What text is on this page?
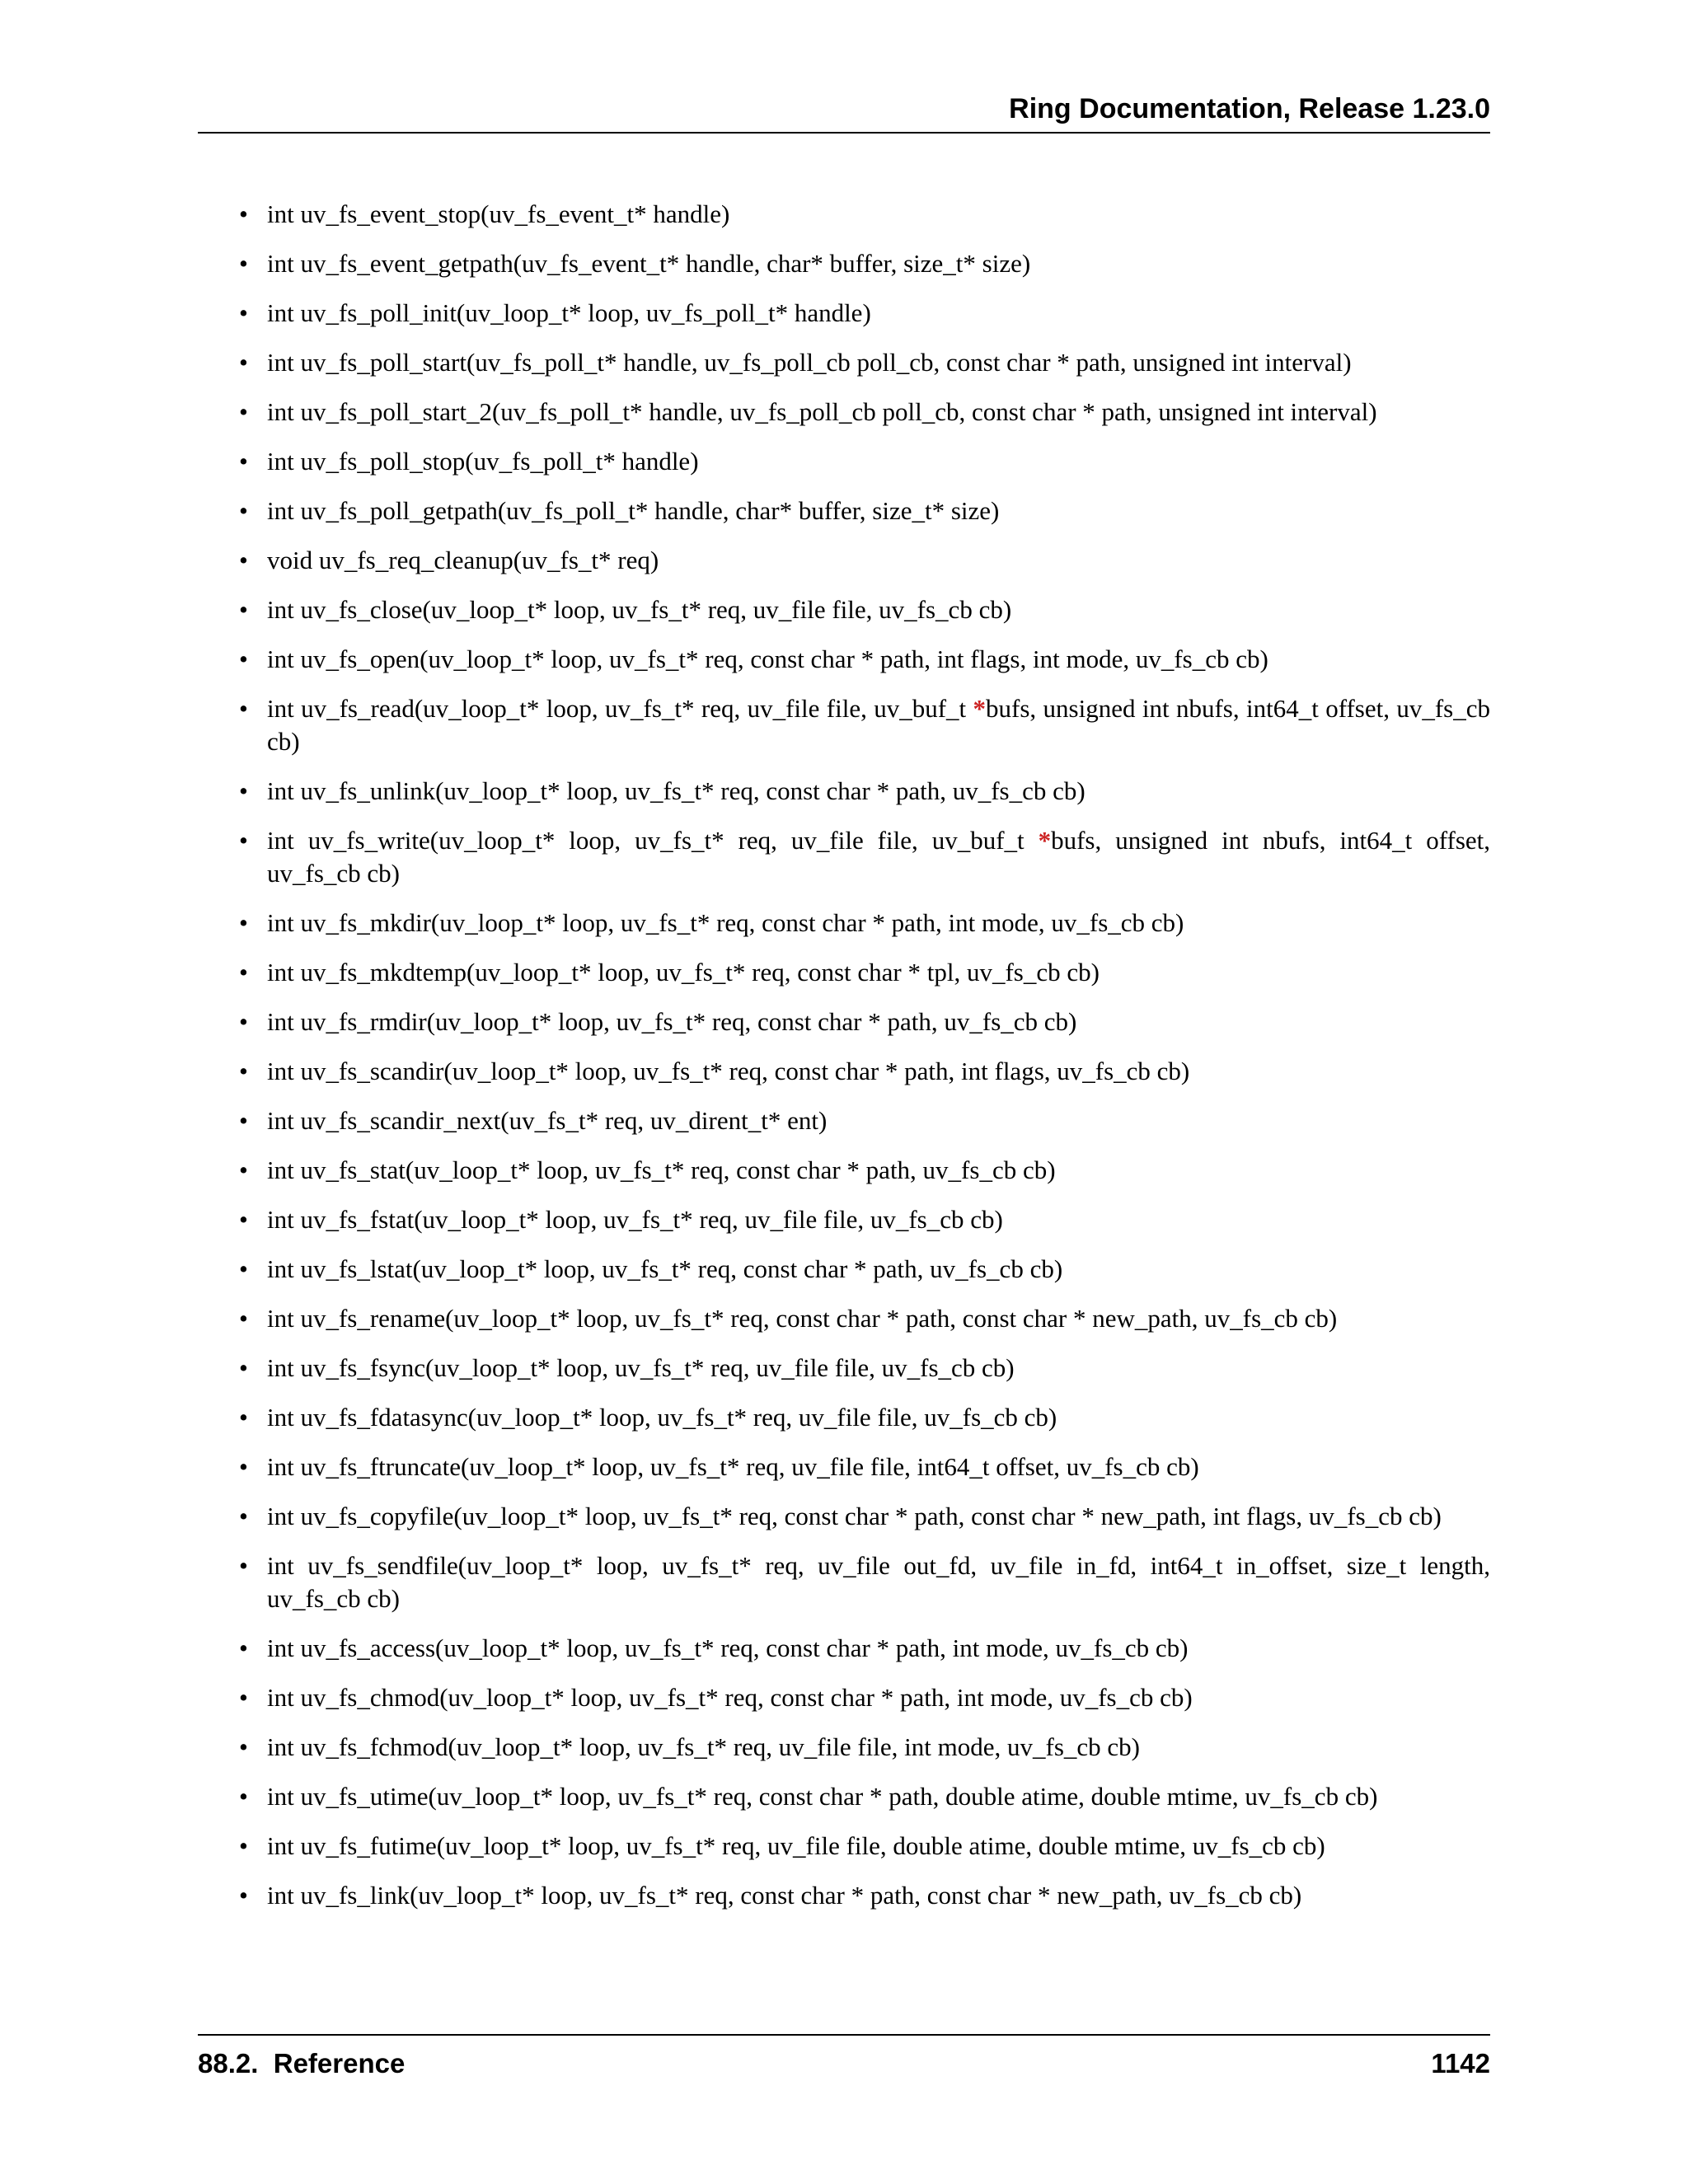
Ring Documentation, Release 1.23.0
• int uv_fs_event_stop(uv_fs_event_t* handle)
• int uv_fs_event_getpath(uv_fs_event_t* handle, char* buffer, size_t* size)
• int uv_fs_poll_init(uv_loop_t* loop, uv_fs_poll_t* handle)
• int uv_fs_poll_start(uv_fs_poll_t* handle, uv_fs_poll_cb poll_cb, const char * path, unsigned int interval)
• int uv_fs_poll_start_2(uv_fs_poll_t* handle, uv_fs_poll_cb poll_cb, const char * path, unsigned int interval)
• int uv_fs_poll_stop(uv_fs_poll_t* handle)
• int uv_fs_poll_getpath(uv_fs_poll_t* handle, char* buffer, size_t* size)
• void uv_fs_req_cleanup(uv_fs_t* req)
• int uv_fs_close(uv_loop_t* loop, uv_fs_t* req, uv_file file, uv_fs_cb cb)
• int uv_fs_open(uv_loop_t* loop, uv_fs_t* req, const char * path, int flags, int mode, uv_fs_cb cb)
• int uv_fs_read(uv_loop_t* loop, uv_fs_t* req, uv_file file, uv_buf_t *bufs, unsigned int nbufs, int64_t offset, uv_fs_cb cb)
• int uv_fs_unlink(uv_loop_t* loop, uv_fs_t* req, const char * path, uv_fs_cb cb)
• int uv_fs_write(uv_loop_t* loop, uv_fs_t* req, uv_file file, uv_buf_t *bufs, unsigned int nbufs, int64_t offset, uv_fs_cb cb)
• int uv_fs_mkdir(uv_loop_t* loop, uv_fs_t* req, const char * path, int mode, uv_fs_cb cb)
• int uv_fs_mkdtemp(uv_loop_t* loop, uv_fs_t* req, const char * tpl, uv_fs_cb cb)
• int uv_fs_rmdir(uv_loop_t* loop, uv_fs_t* req, const char * path, uv_fs_cb cb)
• int uv_fs_scandir(uv_loop_t* loop, uv_fs_t* req, const char * path, int flags, uv_fs_cb cb)
• int uv_fs_scandir_next(uv_fs_t* req, uv_dirent_t* ent)
• int uv_fs_stat(uv_loop_t* loop, uv_fs_t* req, const char * path, uv_fs_cb cb)
• int uv_fs_fstat(uv_loop_t* loop, uv_fs_t* req, uv_file file, uv_fs_cb cb)
• int uv_fs_lstat(uv_loop_t* loop, uv_fs_t* req, const char * path, uv_fs_cb cb)
• int uv_fs_rename(uv_loop_t* loop, uv_fs_t* req, const char * path, const char * new_path, uv_fs_cb cb)
• int uv_fs_fsync(uv_loop_t* loop, uv_fs_t* req, uv_file file, uv_fs_cb cb)
• int uv_fs_fdatasync(uv_loop_t* loop, uv_fs_t* req, uv_file file, uv_fs_cb cb)
• int uv_fs_ftruncate(uv_loop_t* loop, uv_fs_t* req, uv_file file, int64_t offset, uv_fs_cb cb)
• int uv_fs_copyfile(uv_loop_t* loop, uv_fs_t* req, const char * path, const char * new_path, int flags, uv_fs_cb cb)
• int uv_fs_sendfile(uv_loop_t* loop, uv_fs_t* req, uv_file out_fd, uv_file in_fd, int64_t in_offset, size_t length, uv_fs_cb cb)
• int uv_fs_access(uv_loop_t* loop, uv_fs_t* req, const char * path, int mode, uv_fs_cb cb)
• int uv_fs_chmod(uv_loop_t* loop, uv_fs_t* req, const char * path, int mode, uv_fs_cb cb)
• int uv_fs_fchmod(uv_loop_t* loop, uv_fs_t* req, uv_file file, int mode, uv_fs_cb cb)
• int uv_fs_utime(uv_loop_t* loop, uv_fs_t* req, const char * path, double atime, double mtime, uv_fs_cb cb)
• int uv_fs_futime(uv_loop_t* loop, uv_fs_t* req, uv_file file, double atime, double mtime, uv_fs_cb cb)
• int uv_fs_link(uv_loop_t* loop, uv_fs_t* req, const char * path, const char * new_path, uv_fs_cb cb)
88.2.  Reference	1142
